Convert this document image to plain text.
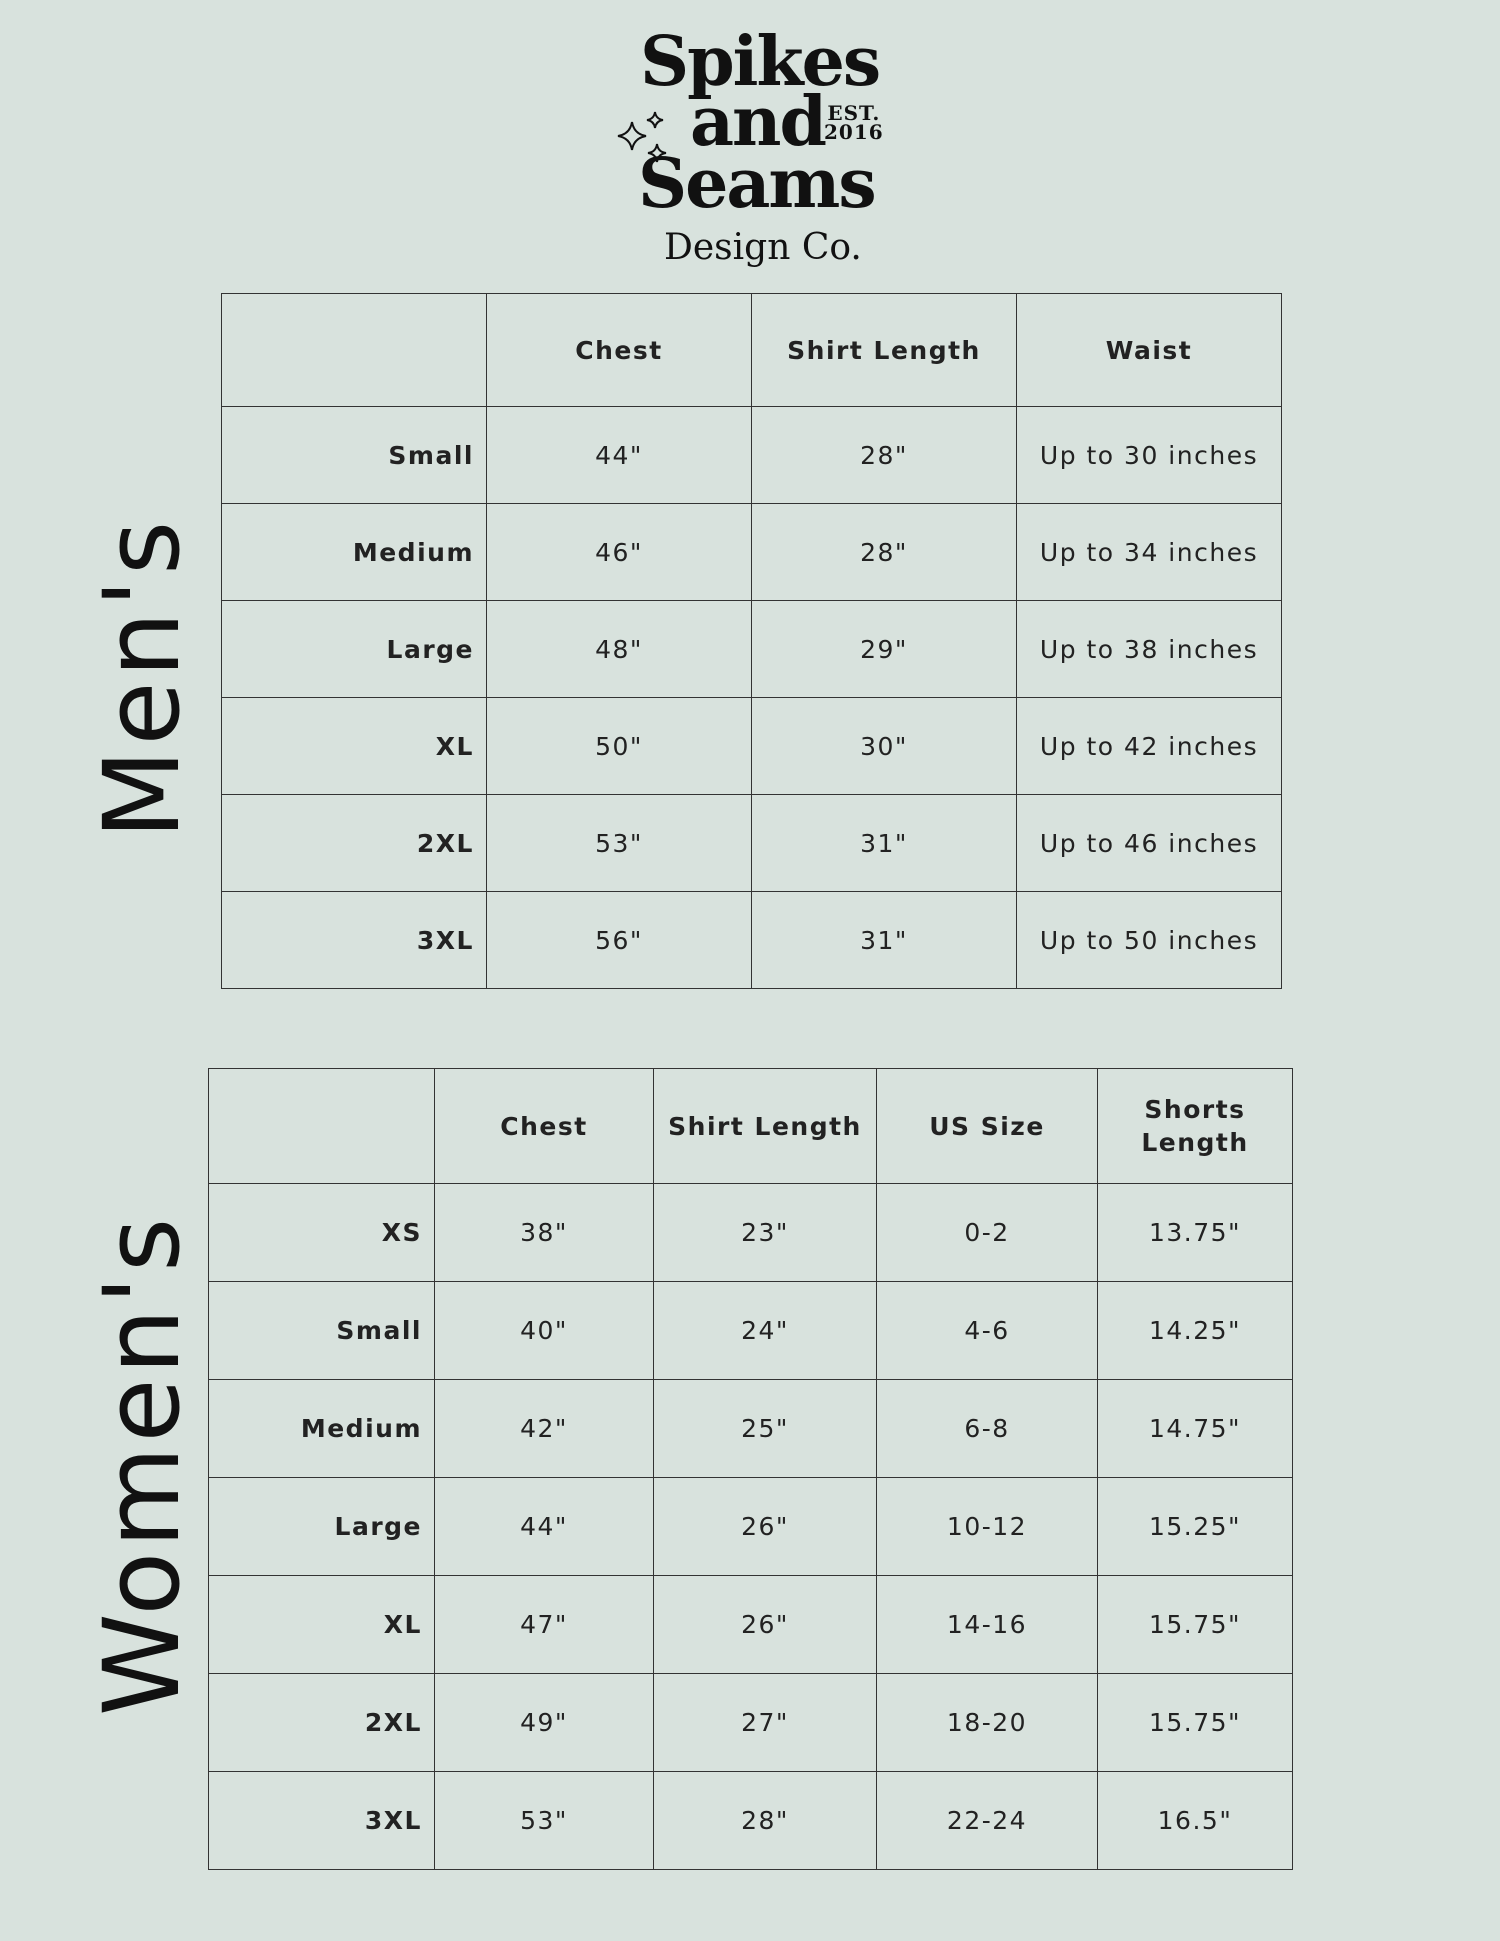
Spikes
and EST.
2016
Seams
Design Co.
Men's
Women's
	Chest	Shirt Length	Waist
Small	44"	28"	Up to 30 inches
Medium	46"	28"	Up to 34 inches
Large	48"	29"	Up to 38 inches
XL	50"	30"	Up to 42 inches
2XL	53"	31"	Up to 46 inches
3XL	56"	31"	Up to 50 inches
	Chest	Shirt Length	US Size	Shorts Length
XS	38"	23"	0-2	13.75"
Small	40"	24"	4-6	14.25"
Medium	42"	25"	6-8	14.75"
Large	44"	26"	10-12	15.25"
XL	47"	26"	14-16	15.75"
2XL	49"	27"	18-20	15.75"
3XL	53"	28"	22-24	16.5"
